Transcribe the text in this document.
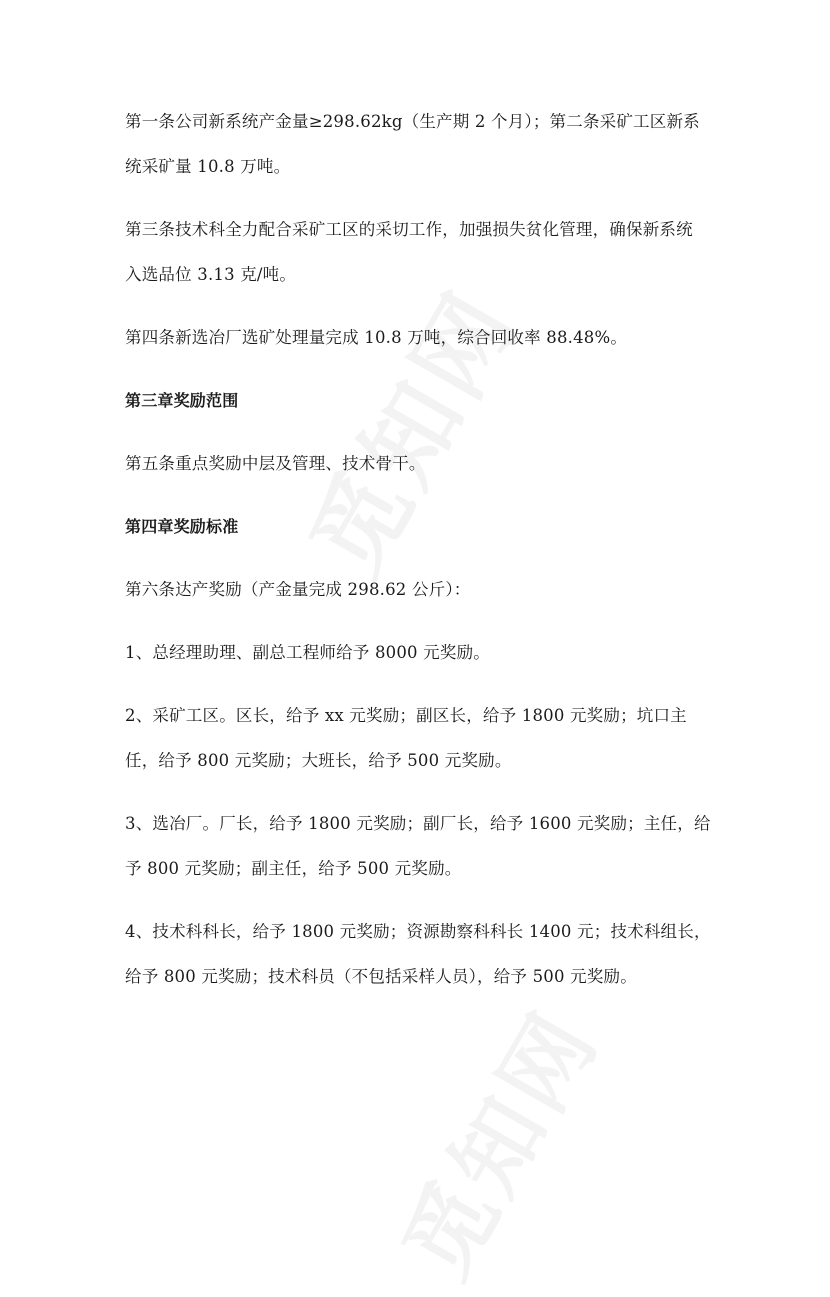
第一条公司新系统产金量≥298.62kg（生产期 2 个月）；第二条采矿工区新系
统采矿量 10.8 万吨。
第三条技术科全力配合采矿工区的采切工作，加强损失贫化管理，确保新系统
入选品位 3.13 克/吨。
第四条新选冶厂选矿处理量完成 10.8 万吨，综合回收率 88.48%。
第三章奖励范围
第五条重点奖励中层及管理、技术骨干。
第四章奖励标准
第六条达产奖励（产金量完成 298.62 公斤）：
1、总经理助理、副总工程师给予 8000 元奖励。
2、采矿工区。区长，给予 xx 元奖励；副区长，给予 1800 元奖励；坑口主
任，给予 800 元奖励；大班长，给予 500 元奖励。
3、选冶厂。厂长，给予 1800 元奖励；副厂长，给予 1600 元奖励；主任，给
予 800 元奖励；副主任，给予 500 元奖励。
4、技术科科长，给予 1800 元奖励；资源勘察科科长 1400 元；技术科组长，
给予 800 元奖励；技术科员（不包括采样人员），给予 500 元奖励。
